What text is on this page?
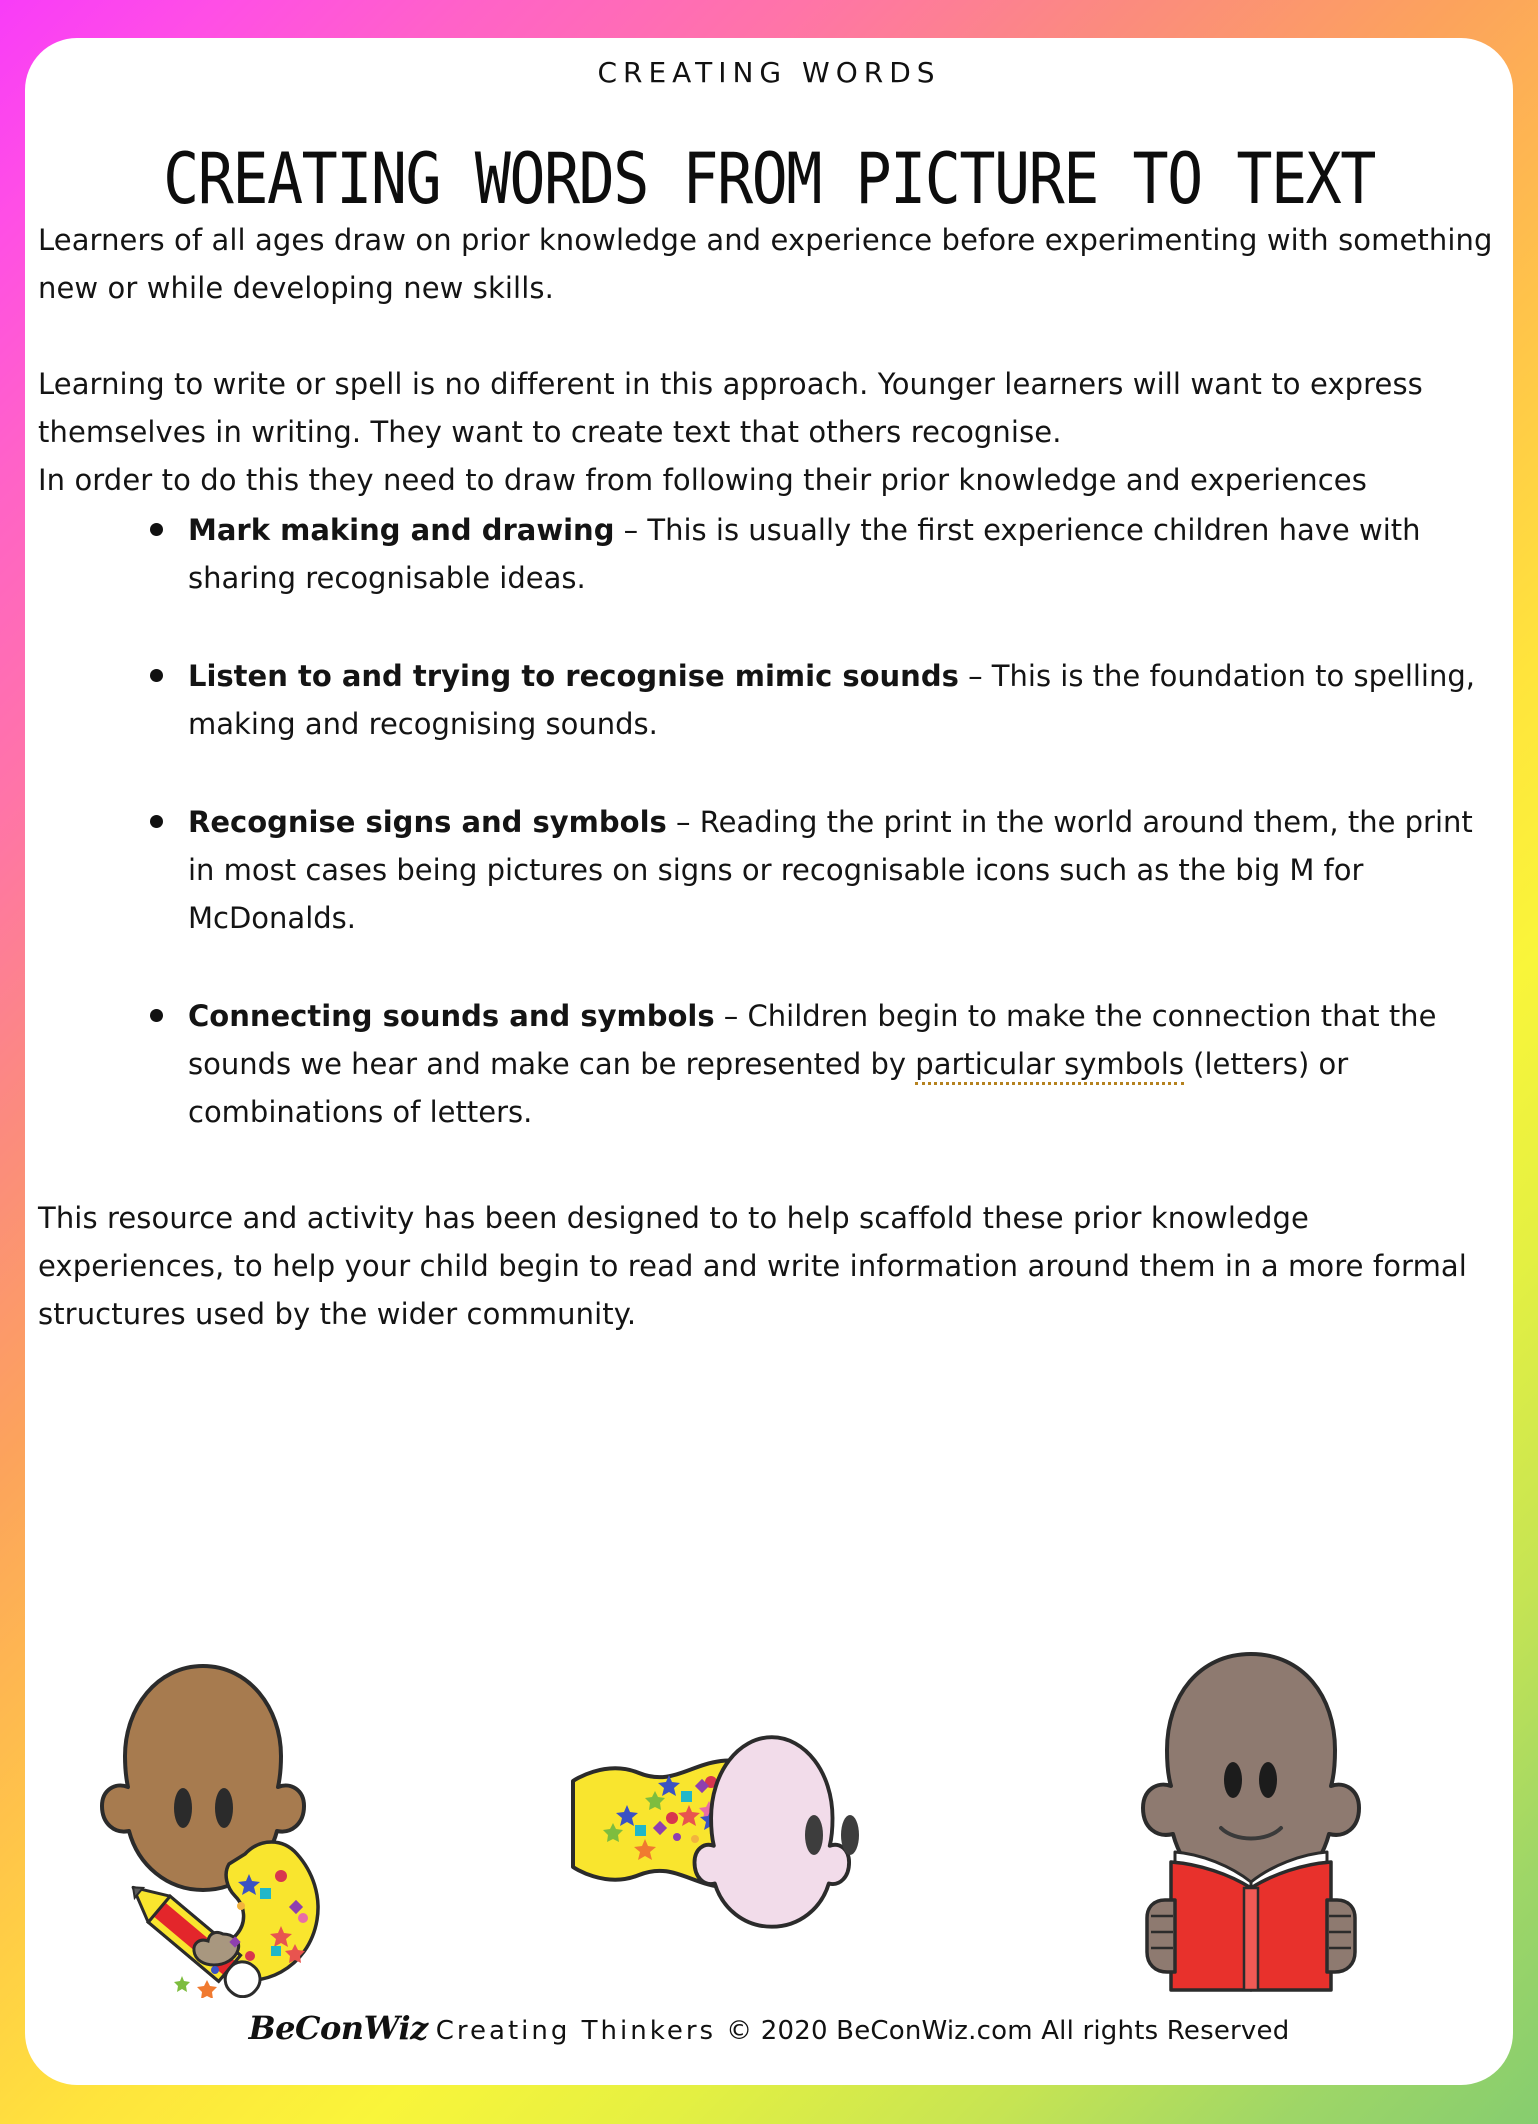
CREATING WORDS
CREATING WORDS FROM PICTURE TO TEXT

Learners of all ages draw on prior knowledge and experience before experimenting with something new or while developing new skills.

Learning to write or spell is no different in this approach. Younger learners will want to express themselves in writing. They want to create text that others recognise.

In order to do this they need to draw from following their prior knowledge and experiences

Mark making and drawing – This is usually the first experience children have with sharing recognisable ideas.
Listen to and trying to recognise mimic sounds – This is the foundation to spelling, making and recognising sounds.
Recognise signs and symbols – Reading the print in the world around them, the print in most cases being pictures on signs or recognisable icons such as the big M for McDonalds.
Connecting sounds and symbols – Children begin to make the connection that the sounds we hear and make can be represented by particular symbols (letters) or combinations of letters.

This resource and activity has been designed to to help scaffold these prior knowledge experiences, to help your child begin to read and write information around them in a more formal structures used by the wider community.

BeConWiz Creating Thinkers © 2020 BeConWiz.com All rights Reserved
